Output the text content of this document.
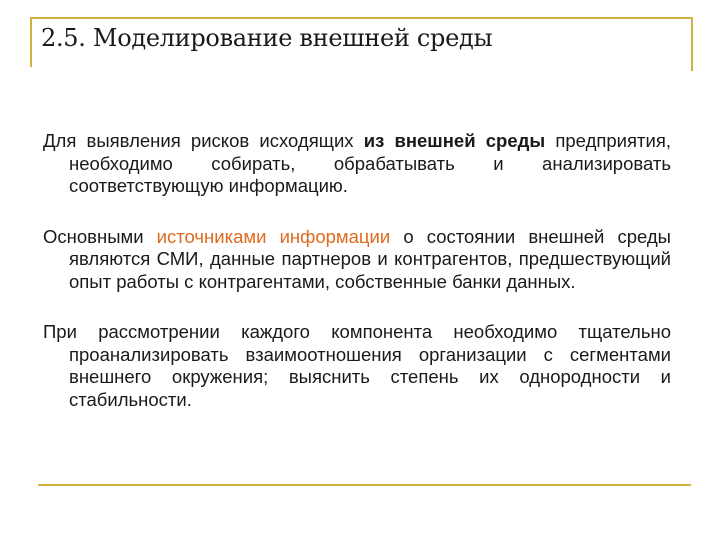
2.5. Моделирование внешней среды

Для выявления рисков исходящих из внешней среды предприятия, необходимо собирать, обрабатывать и анализировать соответствующую информацию.

Основными источниками информации о состоянии внешней среды являются СМИ, данные партнеров и контрагентов, предшествующий опыт работы с контрагентами, собственные банки данных.

При рассмотрении каждого компонента необходимо тщательно проанализировать взаимоотношения организации с сегментами внешнего окружения; выяснить степень их однородности и стабильности.
